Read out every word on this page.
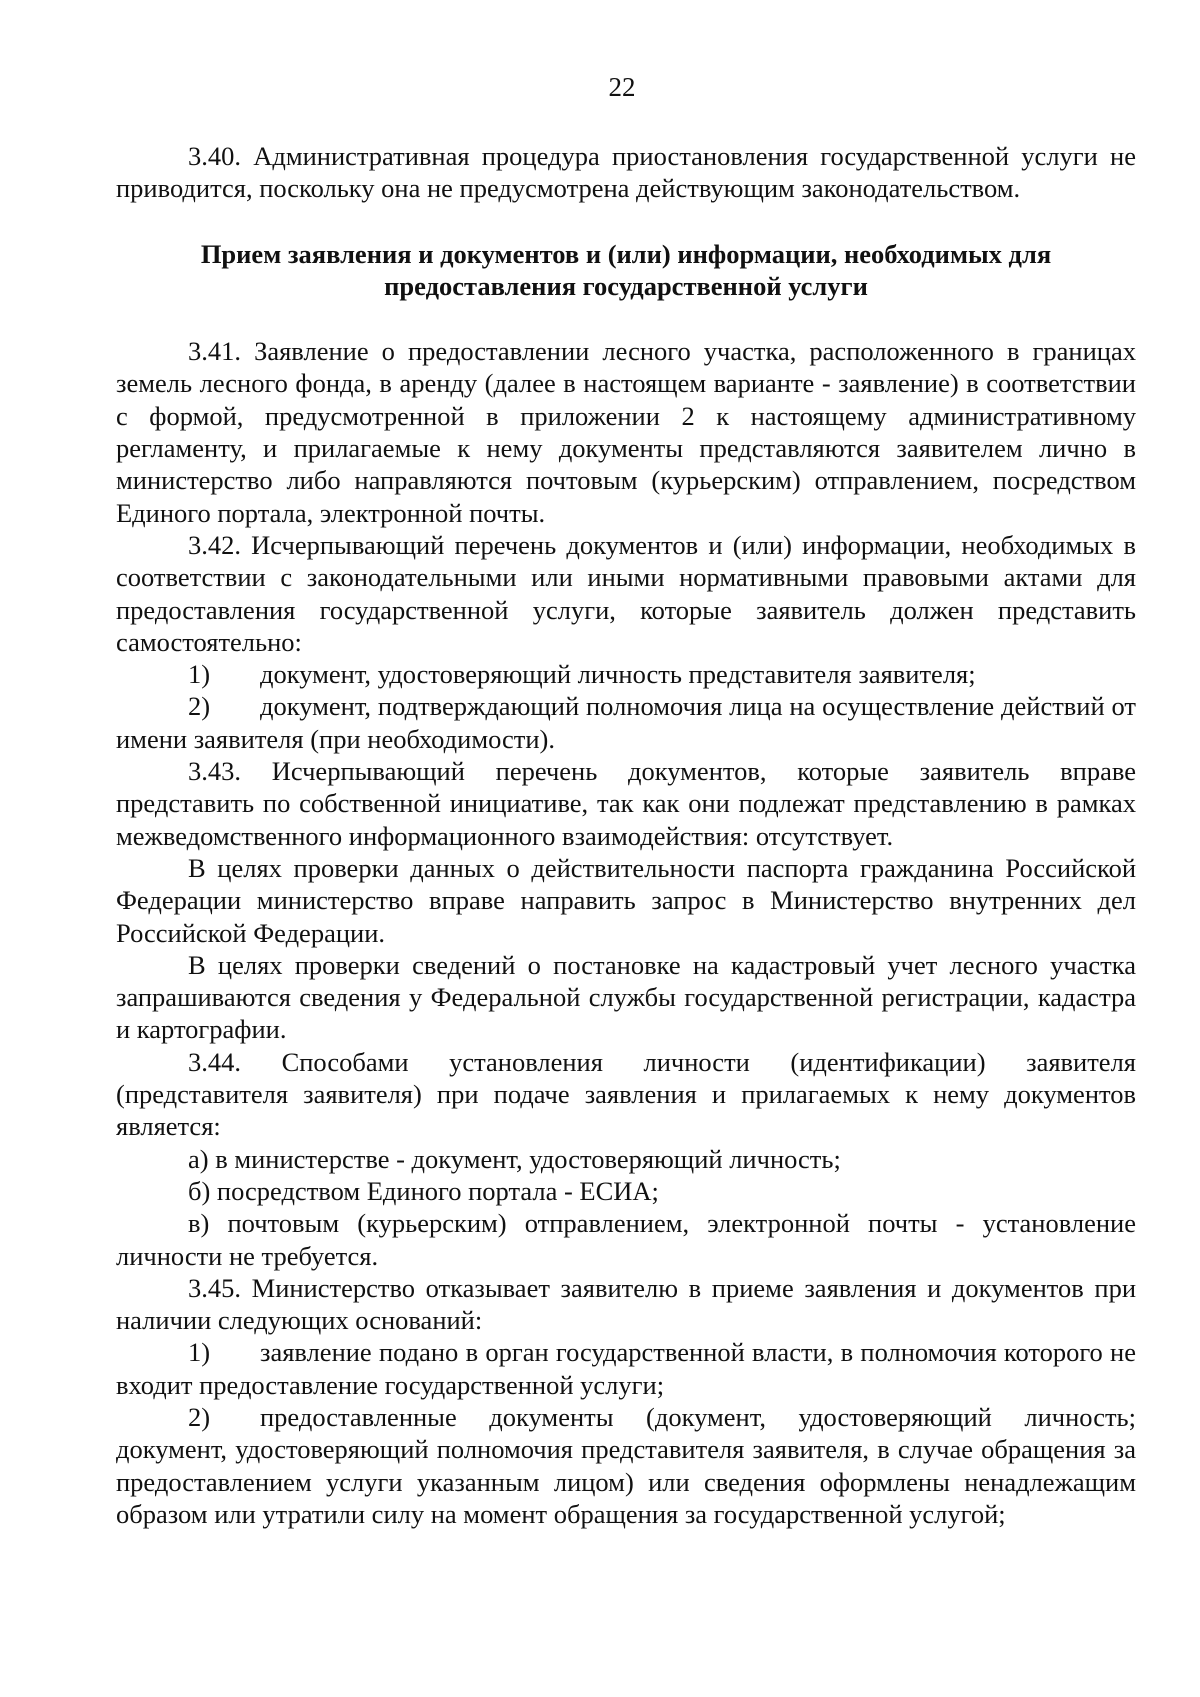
22

3.40. Административная процедура приостановления государственной услуги не приводится, поскольку она не предусмотрена действующим законодательством.

Прием заявления и документов и (или) информации, необходимых для предоставления государственной услуги

3.41. Заявление о предоставлении лесного участка, расположенного в границах земель лесного фонда, в аренду (далее в настоящем варианте - заявление) в соответствии с формой, предусмотренной в приложении 2 к настоящему административному регламенту, и прилагаемые к нему документы представляются заявителем лично в министерство либо направляются почтовым (курьерским) отправлением, посредством Единого портала, электронной почты.

3.42. Исчерпывающий перечень документов и (или) информации, необходимых в соответствии с законодательными или иными нормативными правовыми актами для предоставления государственной услуги, которые заявитель должен представить самостоятельно:

1) документ, удостоверяющий личность представителя заявителя;

2) документ, подтверждающий полномочия лица на осуществление действий от имени заявителя (при необходимости).

3.43. Исчерпывающий перечень документов, которые заявитель вправе представить по собственной инициативе, так как они подлежат представлению в рамках межведомственного информационного взаимодействия: отсутствует.

В целях проверки данных о действительности паспорта гражданина Российской Федерации министерство вправе направить запрос в Министерство внутренних дел Российской Федерации.

В целях проверки сведений о постановке на кадастровый учет лесного участка запрашиваются сведения у Федеральной службы государственной регистрации, кадастра и картографии.

3.44. Способами установления личности (идентификации) заявителя (представителя заявителя) при подаче заявления и прилагаемых к нему документов является:

а) в министерстве - документ, удостоверяющий личность;

б) посредством Единого портала - ЕСИА;

в) почтовым (курьерским) отправлением, электронной почты - установление личности не требуется.

3.45. Министерство отказывает заявителю в приеме заявления и документов при наличии следующих оснований:

1) заявление подано в орган государственной власти, в полномочия которого не входит предоставление государственной услуги;

2) предоставленные документы (документ, удостоверяющий личность; документ, удостоверяющий полномочия представителя заявителя, в случае обращения за предоставлением услуги указанным лицом) или сведения оформлены ненадлежащим образом или утратили силу на момент обращения за государственной услугой;
